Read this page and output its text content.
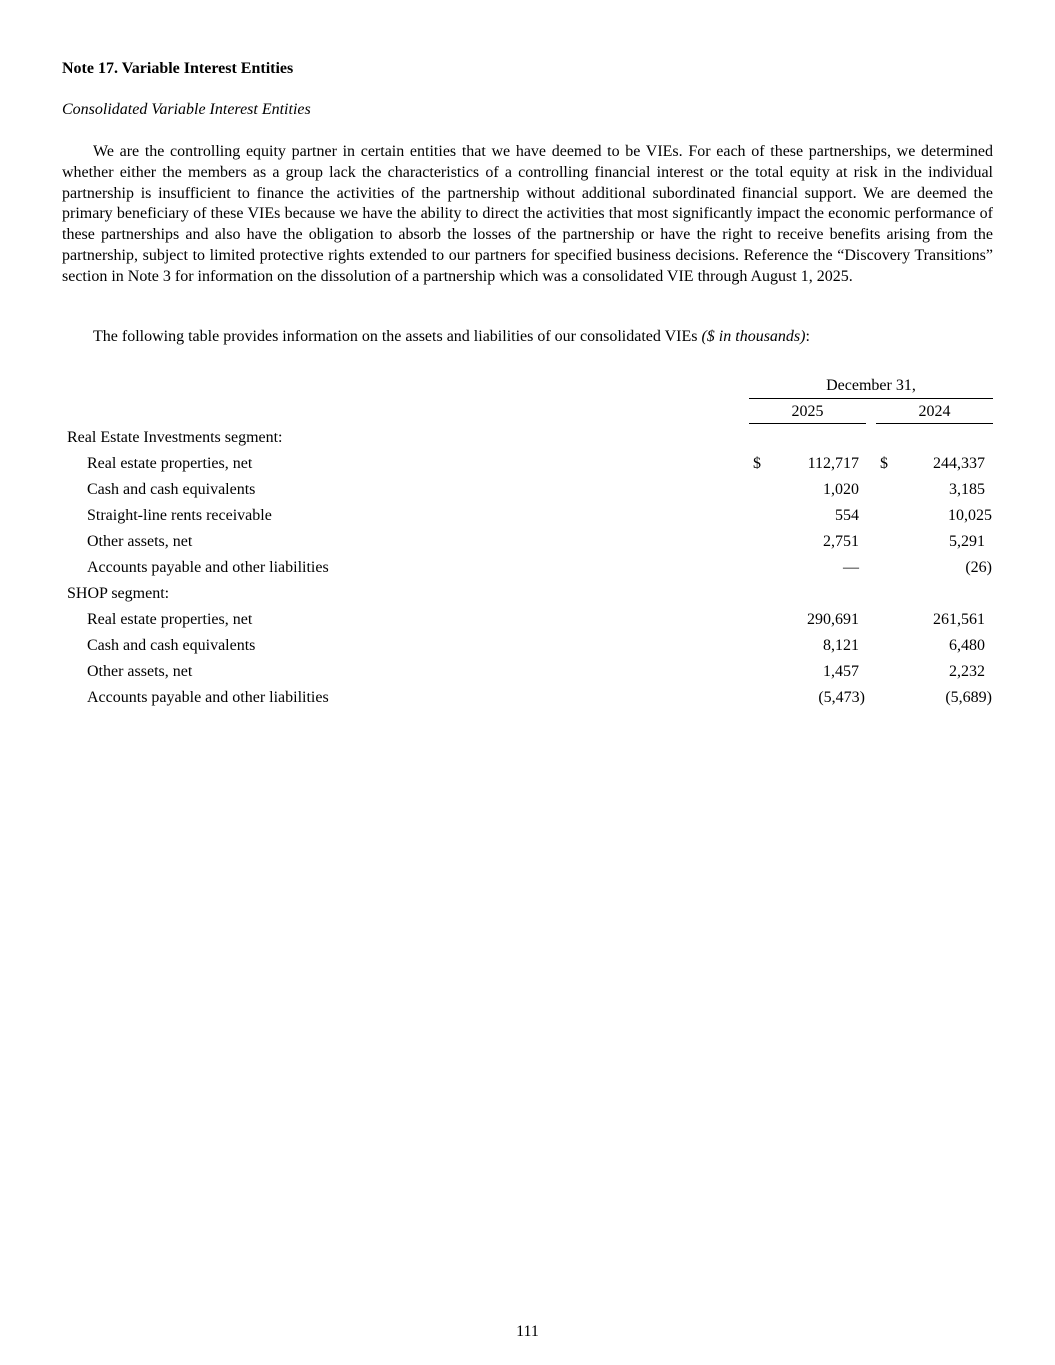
Note 17. Variable Interest Entities
Consolidated Variable Interest Entities

We are the controlling equity partner in certain entities that we have deemed to be VIEs. For each of these partnerships, we determined whether either the members as a group lack the characteristics of a controlling financial interest or the total equity at risk in the individual partnership is insufficient to finance the activities of the partnership without additional subordinated financial support. We are deemed the primary beneficiary of these VIEs because we have the ability to direct the activities that most significantly impact the economic performance of these partnerships and also have the obligation to absorb the losses of the partnership or have the right to receive benefits arising from the partnership, subject to limited protective rights extended to our partners for specified business decisions. Reference the “Discovery Transitions” section in Note 3 for information on the dissolution of a partnership which was a consolidated VIE through August 1, 2025.

The following table provides information on the assets and liabilities of our consolidated VIEs ($ in thousands):

December 31,
2025	2024
Real Estate Investments segment:
Real estate properties, net	$	112,717 $	244,337
Cash and cash equivalents	1,020	3,185
Straight-line rents receivable	554	10,025
Other assets, net	2,751	5,291
Accounts payable and other liabilities	—	(26)
SHOP segment:
Real estate properties, net	290,691	261,561
Cash and cash equivalents	8,121	6,480
Other assets, net	1,457	2,232
Accounts payable and other liabilities	(5,473)	(5,689)
111
